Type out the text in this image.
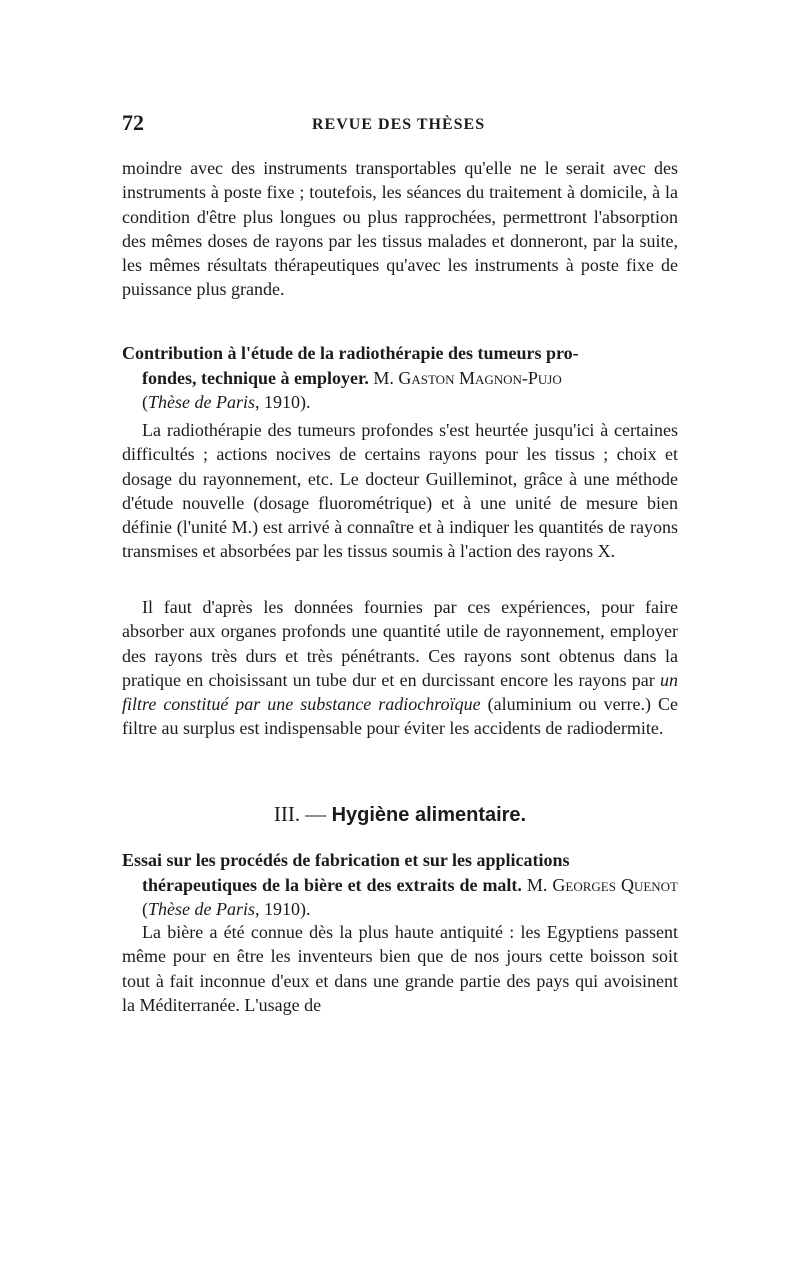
72	REVUE DES THÈSES

moindre avec des instruments transportables qu'elle ne le serait avec des instruments à poste fixe ; toutefois, les séances du traitement à domicile, à la condition d'être plus longues ou plus rapprochées, permettront l'absorption des mêmes doses de rayons par les tissus malades et donneront, par la suite, les mêmes résultats thérapeutiques qu'avec les instruments à poste fixe de puissance plus grande.

Contribution à l'étude de la radiothérapie des tumeurs pro-
fondes, technique à employer. M. Gaston Magnon-Pujo
(Thèse de Paris, 1910).

La radiothérapie des tumeurs profondes s'est heurtée jusqu'ici à certaines difficultés ; actions nocives de certains rayons pour les tissus ; choix et dosage du rayonnement, etc. Le docteur Guilleminot, grâce à une méthode d'étude nouvelle (dosage fluorométrique) et à une unité de mesure bien définie (l'unité M.) est arrivé à connaître et à indiquer les quantités de rayons transmises et absorbées par les tissus soumis à l'action des rayons X.

Il faut d'après les données fournies par ces expériences, pour faire absorber aux organes profonds une quantité utile de rayonnement, employer des rayons très durs et très pénétrants. Ces rayons sont obtenus dans la pratique en choisissant un tube dur et en durcissant encore les rayons par un filtre constitué par une substance radiochroïque (aluminium ou verre.) Ce filtre au surplus est indispensable pour éviter les accidents de radiodermite.

III. — Hygiène alimentaire.
Essai sur les procédés de fabrication et sur les applications
thérapeutiques de la bière et des extraits de malt. M. Georges Quenot (Thèse de Paris, 1910).

La bière a été connue dès la plus haute antiquité : les Egyptiens passent même pour en être les inventeurs bien que de nos jours cette boisson soit tout à fait inconnue d'eux et dans une grande partie des pays qui avoisinent la Méditerranée. L'usage de
